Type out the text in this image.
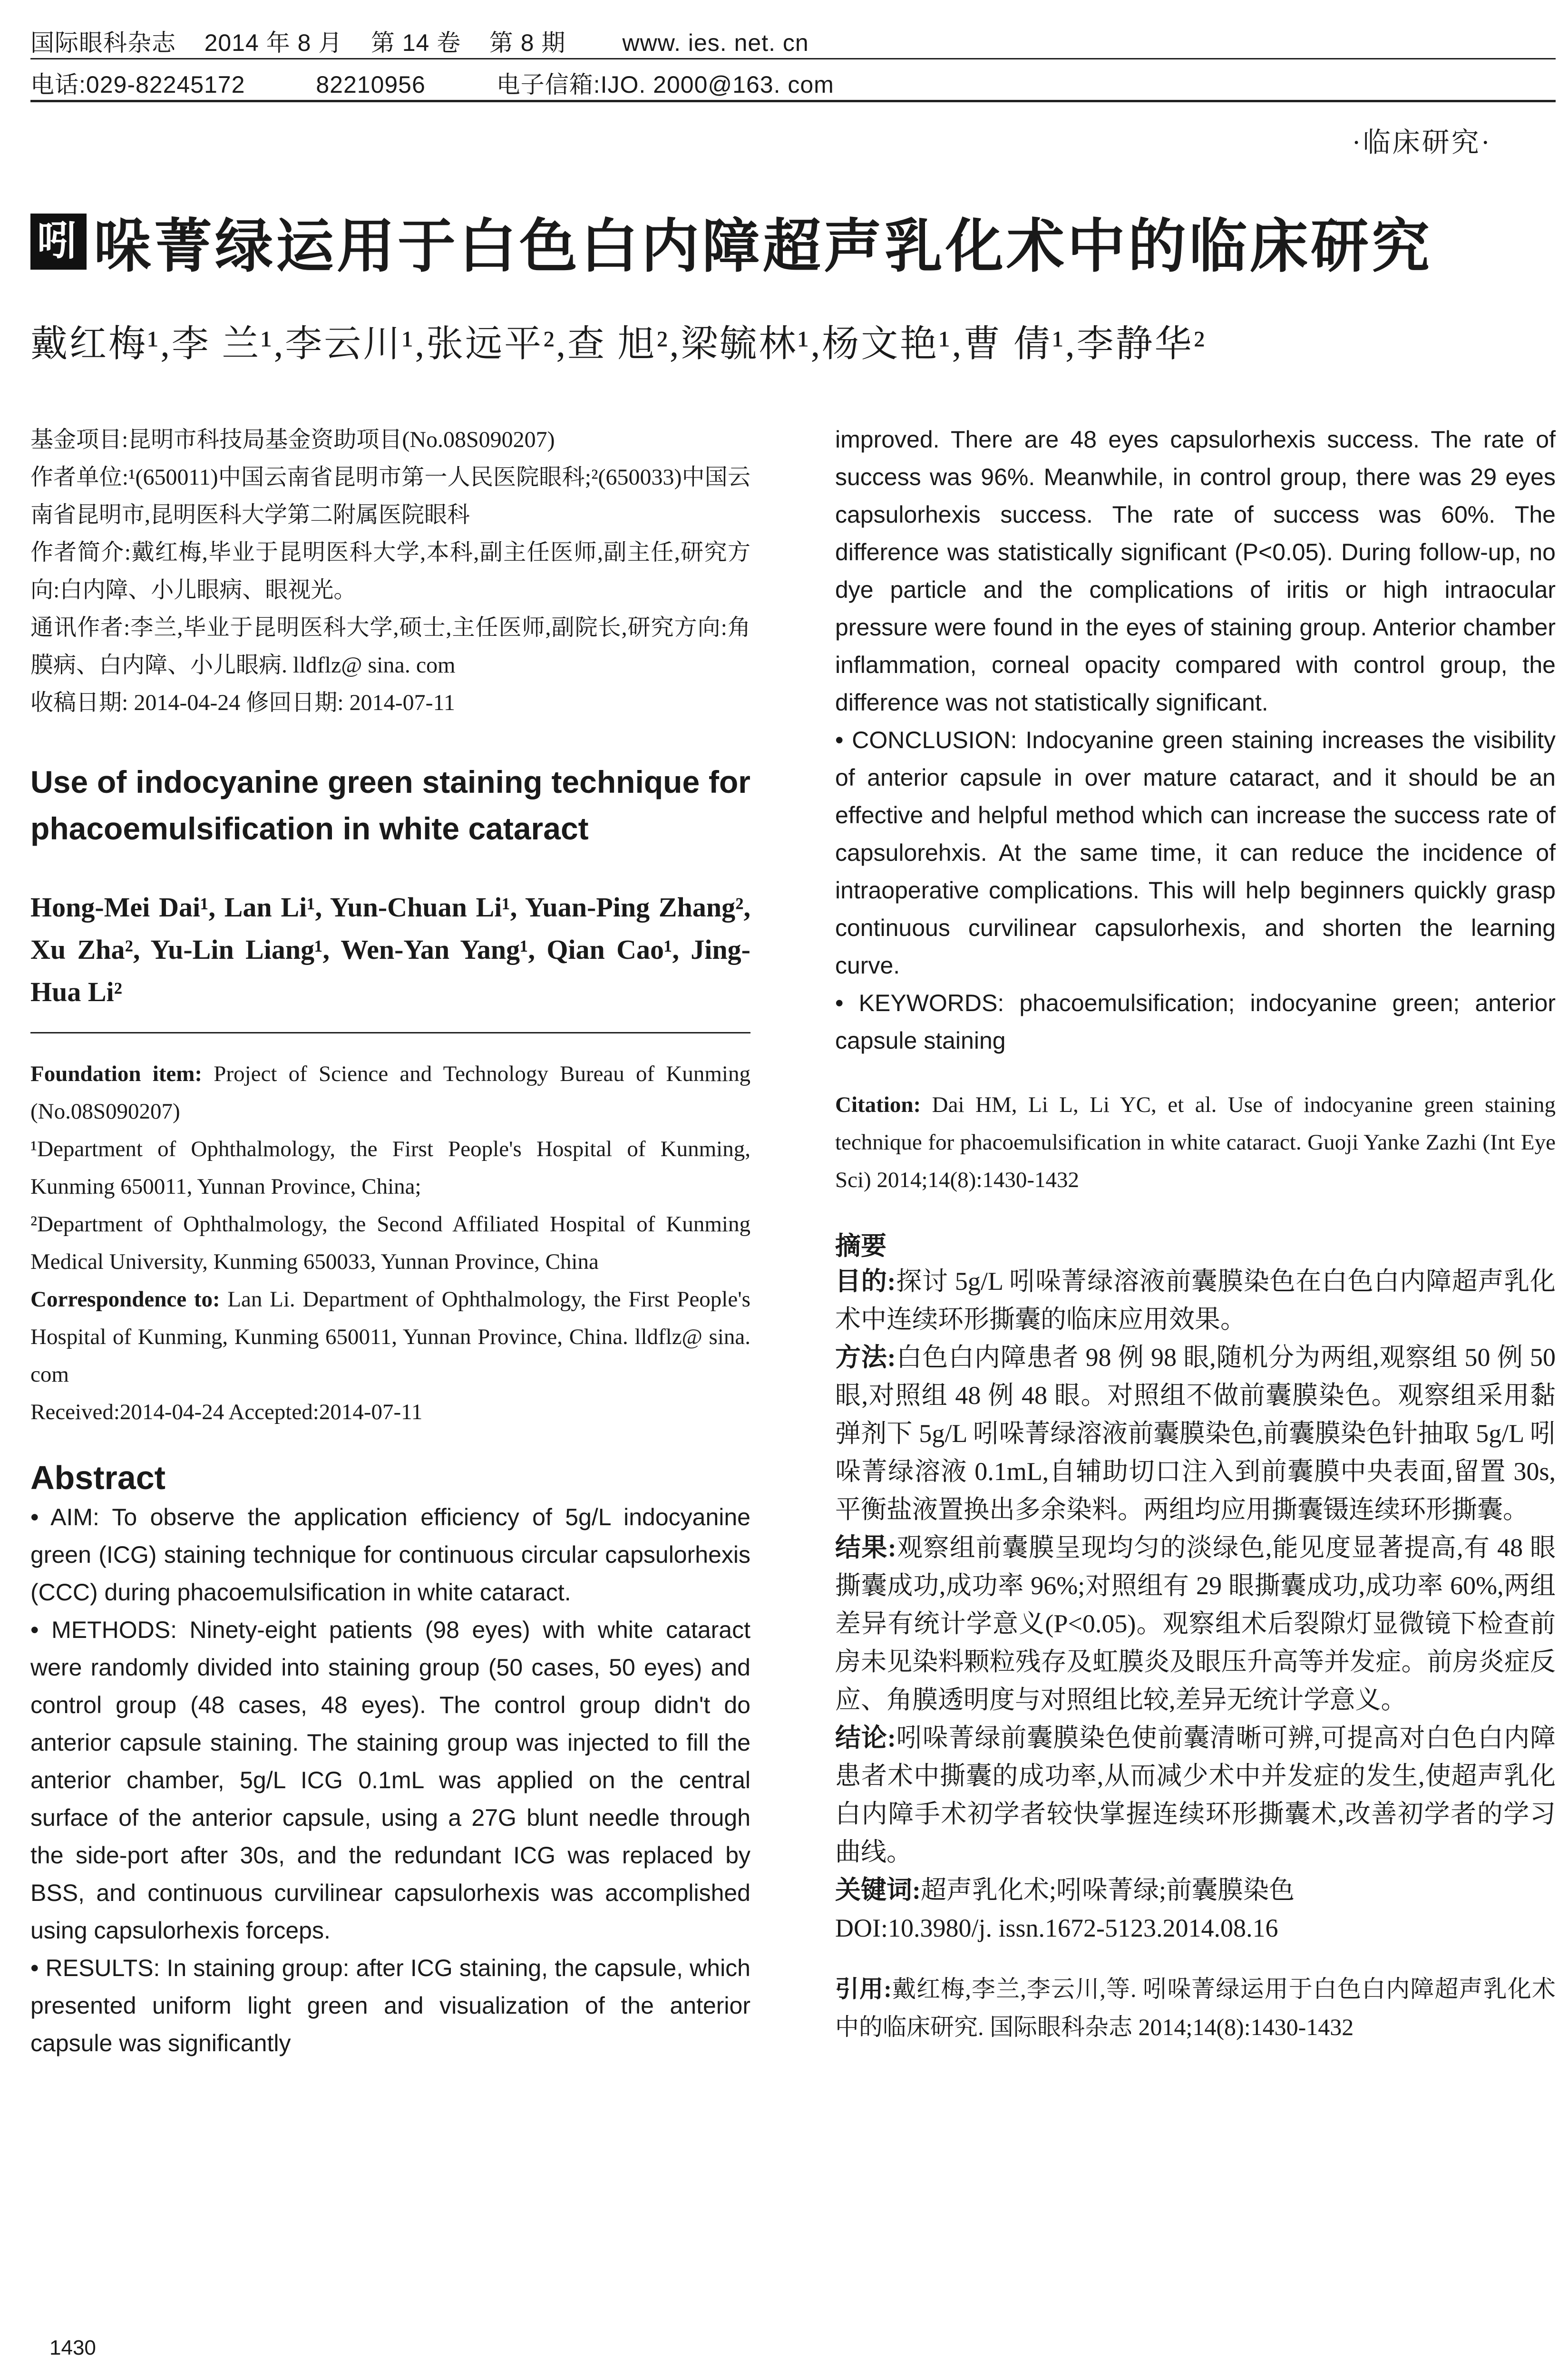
国际眼科杂志    2014 年 8 月    第 14 卷    第 8 期        www. ies. net. cn
电话:029-82245172          82210956          电子信箱:IJO. 2000@163. com
·临床研究·
吲 哚菁绿运用于白色白内障超声乳化术中的临床研究
戴红梅¹,李 兰¹,李云川¹,张远平²,查 旭²,梁毓林¹,杨文艳¹,曹 倩¹,李静华²

基金项目:昆明市科技局基金资助项目(No.08S090207)

作者单位:¹(650011)中国云南省昆明市第一人民医院眼科;²(650033)中国云南省昆明市,昆明医科大学第二附属医院眼科

作者简介:戴红梅,毕业于昆明医科大学,本科,副主任医师,副主任,研究方向:白内障、小儿眼病、眼视光。

通讯作者:李兰,毕业于昆明医科大学,硕士,主任医师,副院长,研究方向:角膜病、白内障、小儿眼病. lldflz@ sina. com

收稿日期: 2014-04-24 修回日期: 2014-07-11

Use of indocyanine green staining technique for phacoemulsification in white cataract
Hong-Mei Dai¹, Lan Li¹, Yun-Chuan Li¹, Yuan-Ping Zhang², Xu Zha², Yu-Lin Liang¹, Wen-Yan Yang¹, Qian Cao¹, Jing-Hua Li²

Foundation item: Project of Science and Technology Bureau of Kunming (No.08S090207)

¹Department of Ophthalmology, the First People's Hospital of Kunming, Kunming 650011, Yunnan Province, China;

²Department of Ophthalmology, the Second Affiliated Hospital of Kunming Medical University, Kunming 650033, Yunnan Province, China

Correspondence to: Lan Li. Department of Ophthalmology, the First People's Hospital of Kunming, Kunming 650011, Yunnan Province, China. lldflz@ sina. com

Received:2014-04-24 Accepted:2014-07-11

Abstract

• AIM: To observe the application efficiency of 5g/L indocyanine green (ICG) staining technique for continuous circular capsulorhexis (CCC) during phacoemulsification in white cataract.

• METHODS: Ninety-eight patients (98 eyes) with white cataract were randomly divided into staining group (50 cases, 50 eyes) and control group (48 cases, 48 eyes). The control group didn't do anterior capsule staining. The staining group was injected to fill the anterior chamber, 5g/L ICG 0.1mL was applied on the central surface of the anterior capsule, using a 27G blunt needle through the side-port after 30s, and the redundant ICG was replaced by BSS, and continuous curvilinear capsulorhexis was accomplished using capsulorhexis forceps.

• RESULTS: In staining group: after ICG staining, the capsule, which presented uniform light green and visualization of the anterior capsule was significantly

improved. There are 48 eyes capsulorhexis success. The rate of success was 96%. Meanwhile, in control group, there was 29 eyes capsulorhexis success. The rate of success was 60%. The difference was statistically significant (P<0.05). During follow-up, no dye particle and the complications of iritis or high intraocular pressure were found in the eyes of staining group. Anterior chamber inflammation, corneal opacity compared with control group, the difference was not statistically significant.

• CONCLUSION: Indocyanine green staining increases the visibility of anterior capsule in over mature cataract, and it should be an effective and helpful method which can increase the success rate of capsulorehxis. At the same time, it can reduce the incidence of intraoperative complications. This will help beginners quickly grasp continuous curvilinear capsulorhexis, and shorten the learning curve.

• KEYWORDS: phacoemulsification; indocyanine green; anterior capsule staining

Citation: Dai HM, Li L, Li YC, et al. Use of indocyanine green staining technique for phacoemulsification in white cataract. Guoji Yanke Zazhi (Int Eye Sci) 2014;14(8):1430-1432
摘要

目的:探讨 5g/L 吲哚菁绿溶液前囊膜染色在白色白内障超声乳化术中连续环形撕囊的临床应用效果。

方法:白色白内障患者 98 例 98 眼,随机分为两组,观察组 50 例 50 眼,对照组 48 例 48 眼。对照组不做前囊膜染色。观察组采用黏弹剂下 5g/L 吲哚菁绿溶液前囊膜染色,前囊膜染色针抽取 5g/L 吲哚菁绿溶液 0.1mL,自辅助切口注入到前囊膜中央表面,留置 30s,平衡盐液置换出多余染料。两组均应用撕囊镊连续环形撕囊。

结果:观察组前囊膜呈现均匀的淡绿色,能见度显著提高,有 48 眼撕囊成功,成功率 96%;对照组有 29 眼撕囊成功,成功率 60%,两组差异有统计学意义(P<0.05)。观察组术后裂隙灯显微镜下检查前房未见染料颗粒残存及虹膜炎及眼压升高等并发症。前房炎症反应、角膜透明度与对照组比较,差异无统计学意义。

结论:吲哚菁绿前囊膜染色使前囊清晰可辨,可提高对白色白内障患者术中撕囊的成功率,从而减少术中并发症的发生,使超声乳化白内障手术初学者较快掌握连续环形撕囊术,改善初学者的学习曲线。

关键词:超声乳化术;吲哚菁绿;前囊膜染色

DOI:10.3980/j. issn.1672-5123.2014.08.16

引用:戴红梅,李兰,李云川,等. 吲哚菁绿运用于白色白内障超声乳化术中的临床研究. 国际眼科杂志 2014;14(8):1430-1432
1430
